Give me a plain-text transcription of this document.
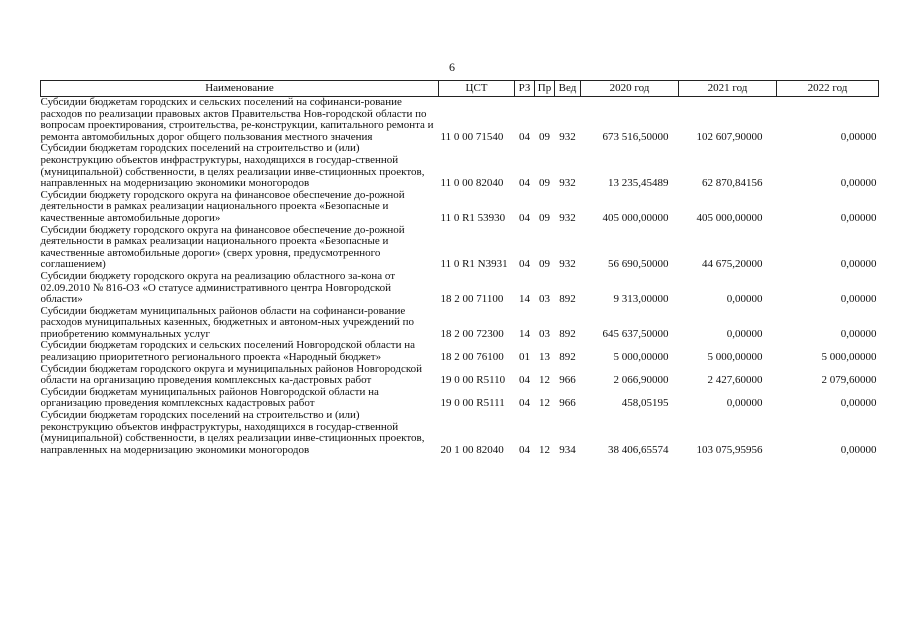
6
Наименование	ЦСТ	РЗ	Пр	Вед	2020 год	2021 год	2022 год
Субсидии бюджетам городских и сельских поселений на софинанси-рование расходов по реализации правовых актов Правительства Нов-городской области по вопросам проектирования, строительства, ре-конструкции, капитального ремонта и ремонта автомобильных дорог общего пользования местного значения	11 0 00 71540	04	09	932	673 516,50000	102 607,90000	0,00000
Субсидии бюджетам городских поселений на строительство и (или) реконструкцию объектов инфраструктуры, находящихся в государ-ственной (муниципальной) собственности, в целях реализации инве-стиционных проектов, направленных на модернизацию экономики моногородов	11 0 00 82040	04	09	932	13 235,45489	62 870,84156	0,00000
Субсидии бюджету городского округа на финансовое обеспечение до-рожной деятельности в рамках реализации национального проекта «Безопасные и качественные автомобильные дороги»	11 0 R1 53930	04	09	932	405 000,00000	405 000,00000	0,00000
Субсидии бюджету городского округа на финансовое обеспечение до-рожной деятельности в рамках реализации национального проекта «Безопасные и качественные автомобильные дороги» (сверх уровня, предусмотренного соглашением)	11 0 R1 N3931	04	09	932	56 690,50000	44 675,20000	0,00000
Субсидии бюджету городского округа на реализацию областного за-кона от 02.09.2010 № 816-ОЗ «О статусе административного центра Новгородской области»	18 2 00 71100	14	03	892	9 313,00000	0,00000	0,00000
Субсидии бюджетам муниципальных районов области на софинанси-рование расходов муниципальных казенных, бюджетных и автоном-ных учреждений по приобретению коммунальных услуг	18 2 00 72300	14	03	892	645 637,50000	0,00000	0,00000
Субсидии бюджетам городских и сельских поселений Новгородской области на реализацию приоритетного регионального проекта «Народный бюджет»	18 2 00 76100	01	13	892	5 000,00000	5 000,00000	5 000,00000
Субсидии бюджетам городского округа и муниципальных районов Новгородской области на организацию проведения комплексных ка-дастровых работ	19 0 00 R5110	04	12	966	2 066,90000	2 427,60000	2 079,60000
Субсидии бюджетам муниципальных районов Новгородской области на организацию проведения комплексных кадастровых работ	19 0 00 R5111	04	12	966	458,05195	0,00000	0,00000
Субсидии бюджетам городских поселений на строительство и (или) реконструкцию объектов инфраструктуры, находящихся в государ-ственной (муниципальной) собственности, в целях реализации инве-стиционных проектов, направленных на модернизацию экономики моногородов	20 1 00 82040	04	12	934	38 406,65574	103 075,95956	0,00000
